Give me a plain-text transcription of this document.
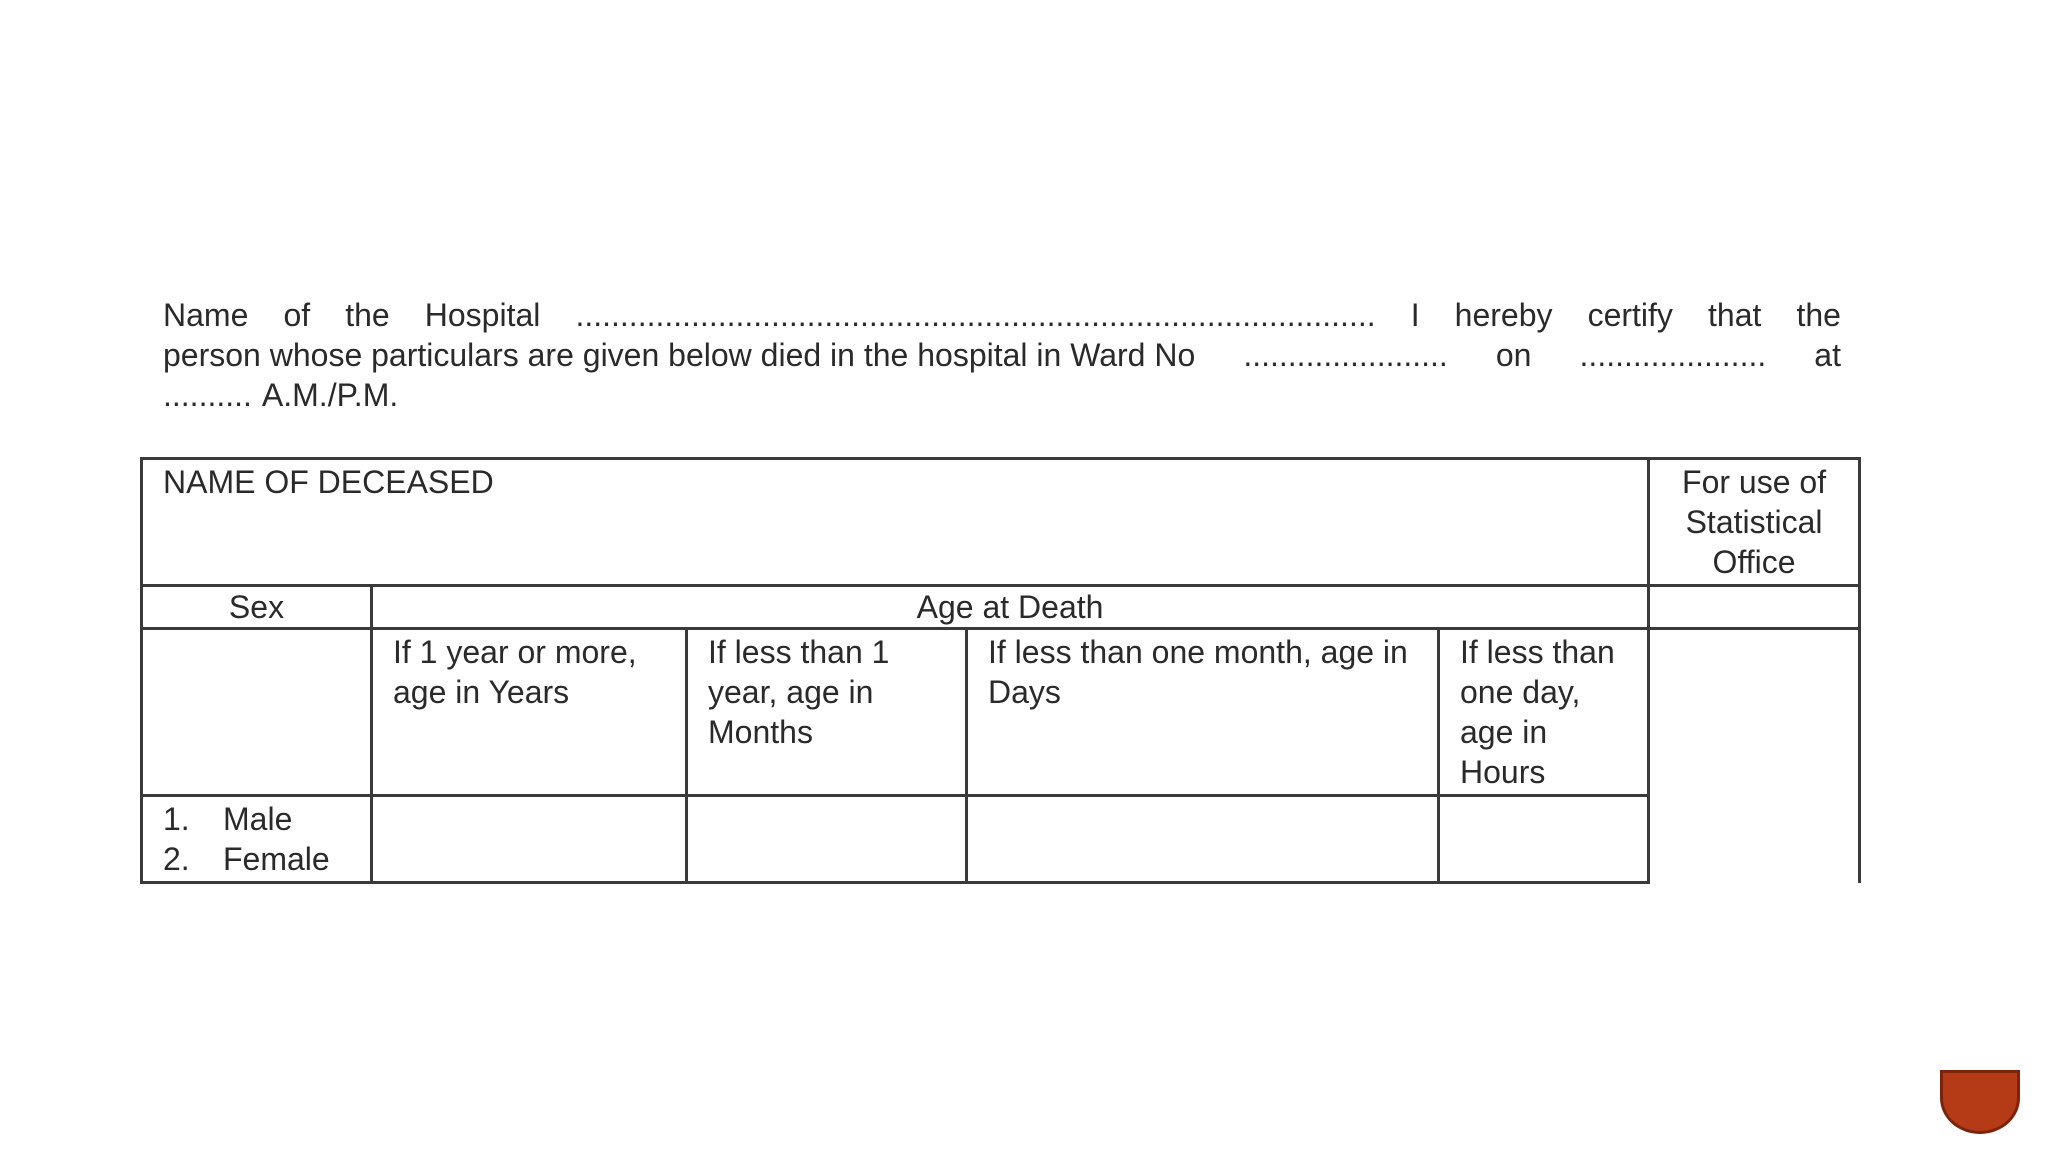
Name of the Hospital .......................................................................................... I hereby certify that the
person whose particulars are given below died in the hospital in Ward No ....................... on ..................... at
.......... A.M./P.M.
NAME OF DECEASED					For use of Statistical Office
Sex	Age at Death				
	If 1 year or more, age in Years	If less than 1 year, age in Months	If less than one month, age in Days	If less than one day, age in Hours	

1. Male
2. Female					
